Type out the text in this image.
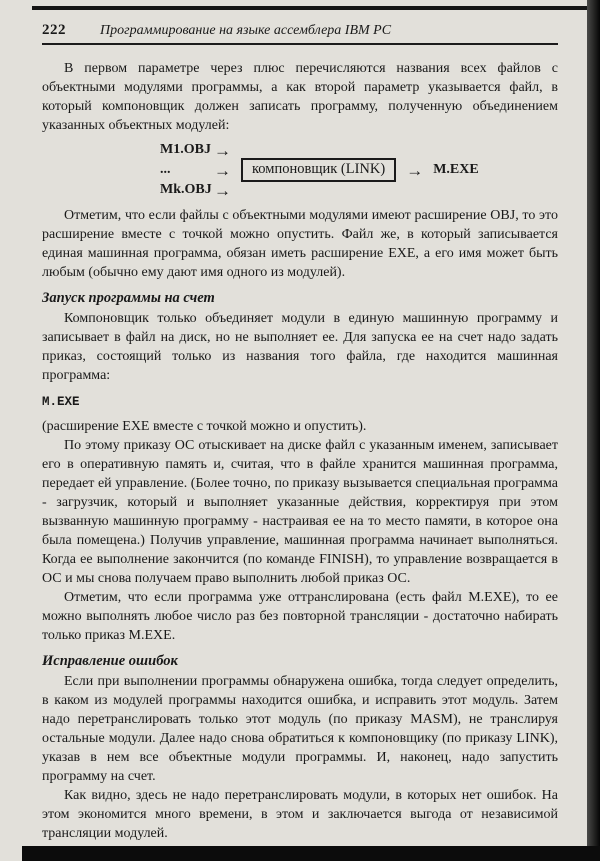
222 Программирование на языке ассемблера IBM PC

В первом параметре через плюс перечисляются названия всех файлов с объектными модулями программы, а как второй параметр указывается файл, в который компоновщик должен записать программу, полученную объединением указанных объектных модулей:

M1.OBJ →
...	→
Mk.OBJ →
компоновщик (LINK)	→ M.EXE

Отметим, что если файлы с объектными модулями имеют расширение OBJ, то это расширение вместе с точкой можно опустить. Файл же, в который записывается единая машинная программа, обязан иметь расширение EXE, а его имя может быть любым (обычно ему дают имя одного из модулей).

Запуск программы на счет

Компоновщик только объединяет модули в единую машинную программу и записывает в файл на диск, но не выполняет ее. Для запуска ее на счет надо задать приказ, состоящий только из названия того файла, где находится машинная программа:

M.EXE

(расширение EXE вместе с точкой можно и опустить).

По этому приказу ОС отыскивает на диске файл с указанным именем, записывает его в оперативную память и, считая, что в файле хранится машинная программа, передает ей управление. (Более точно, по приказу вызывается специальная программа - загрузчик, который и выполняет указанные действия, корректируя при этом вызванную машинную программу - настраивая ее на то место памяти, в которое она была помещена.) Получив управление, машинная программа начинает выполняться. Когда ее выполнение закончится (по команде FINISH), то управление возвращается в ОС и мы снова получаем право выполнить любой приказ ОС.

Отметим, что если программа уже оттранслирована (есть файл M.EXE), то ее можно выполнять любое число раз без повторной трансляции - достаточно набирать только приказ M.EXE.

Исправление ошибок

Если при выполнении программы обнаружена ошибка, тогда следует определить, в каком из модулей программы находится ошибка, и исправить этот модуль. Затем надо перетранслировать только этот модуль (по приказу MASM), не транслируя остальные модули. Далее надо снова обратиться к компоновщику (по приказу LINK), указав в нем все объектные модули программы. И, наконец, надо запустить программу на счет.

Как видно, здесь не надо перетранслировать модули, в которых нет ошибок. На этом экономится много времени, в этом и заключается выгода от независимой трансляции модулей.
